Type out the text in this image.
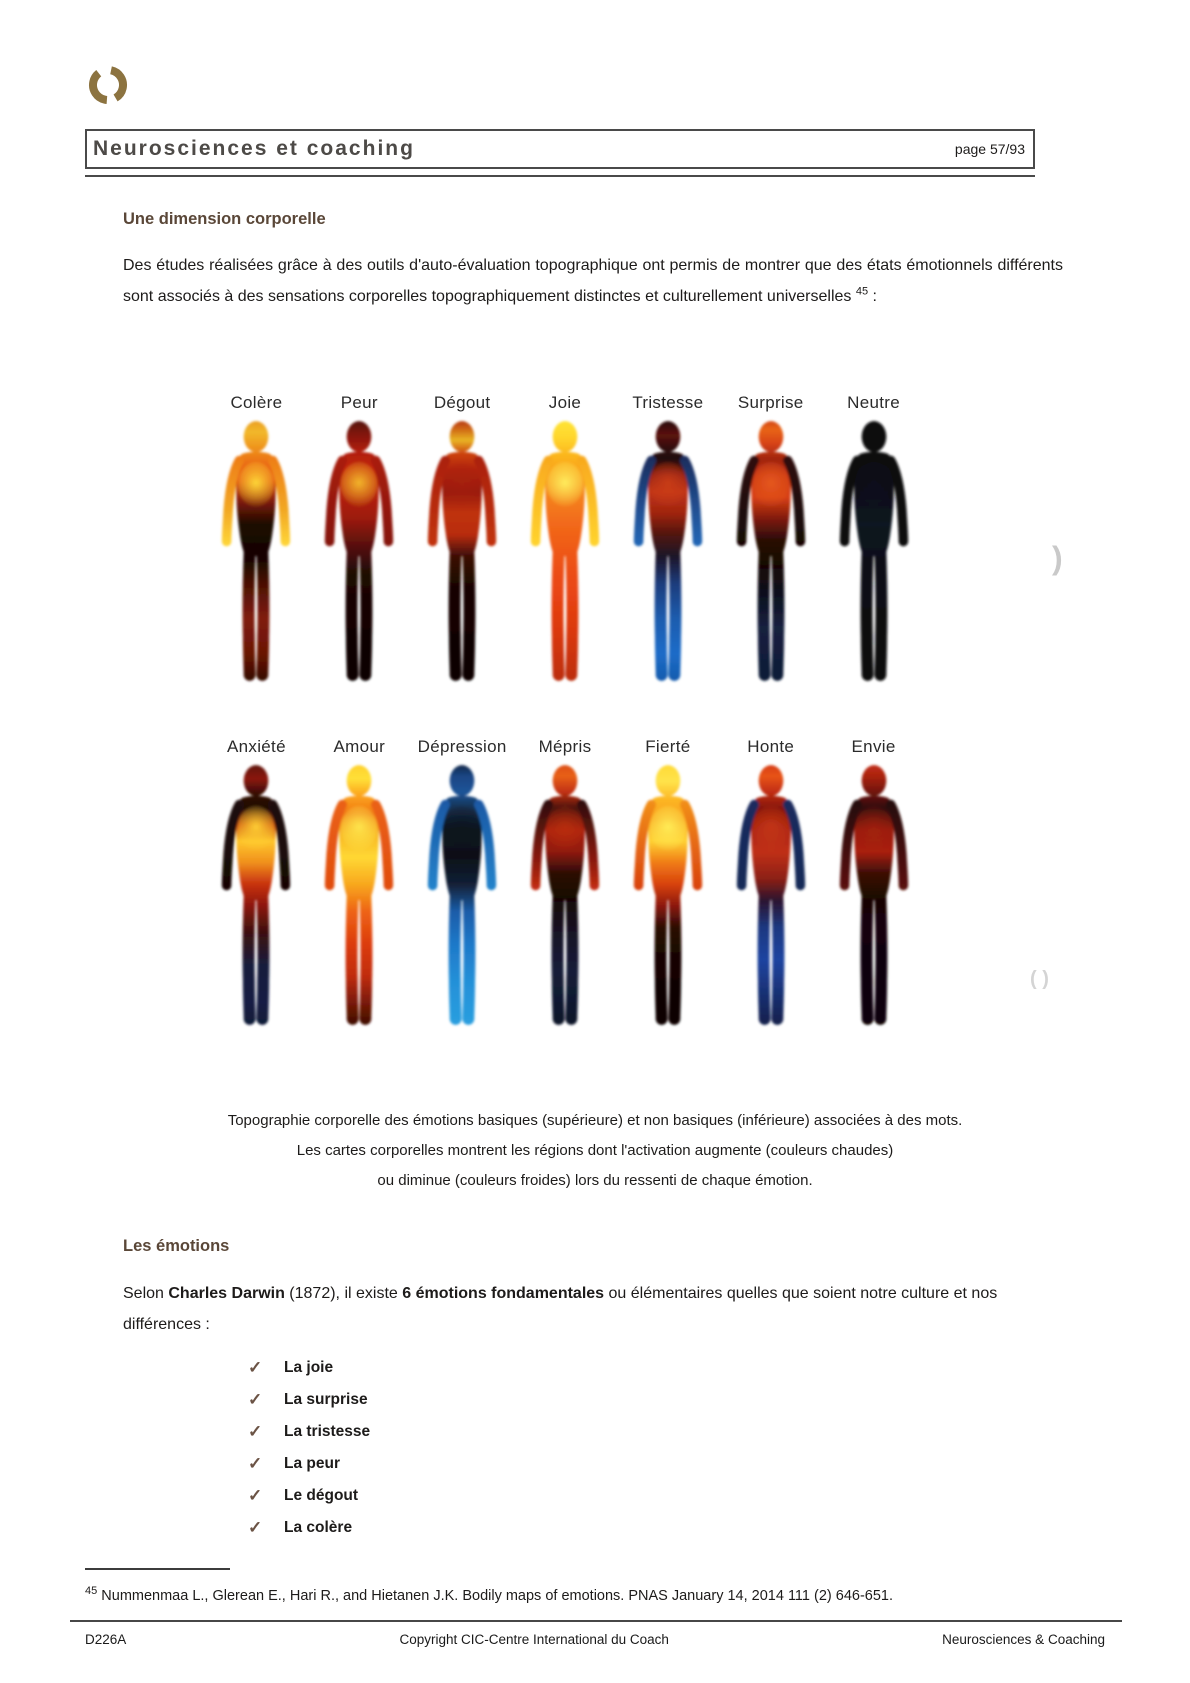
Neurosciences et coaching	page 57/93
Une dimension corporelle
Des études réalisées grâce à des outils d'auto-évaluation topographique ont permis de montrer que des états émotionnels différents sont associés à des sensations corporelles topographiquement distinctes et culturellement universelles $^{45}$ :
Colère	Peur	Dégout	Joie	Tristesse Surprise	Neutre
Anxiété	Amour Dépression Mépris	Fierté	Honte	Envie
Topographie corporelle des émotions basiques (supérieure) et non basiques (inférieure) associées à des mots.
Les cartes corporelles montrent les régions dont l'activation augmente (couleurs chaudes)
ou diminue (couleurs froides) lors du ressenti de chaque émotion.
Les émotions
Selon Charles Darwin (1872), il existe 6 émotions fondamentales ou élémentaires quelles que soient notre culture et nos différences :
✓	La joie
✓	La surprise
✓	La tristesse
✓	La peur
✓	Le dégout
✓	La colère
$^{45}$ Nummenmaa L., Glerean E., Hari R., and Hietanen J.K. Bodily maps of emotions. PNAS January 14, 2014 111 (2) 646-651.
D226A	Copyright CIC-Centre International du Coach	Neurosciences & Coaching
)
( )
